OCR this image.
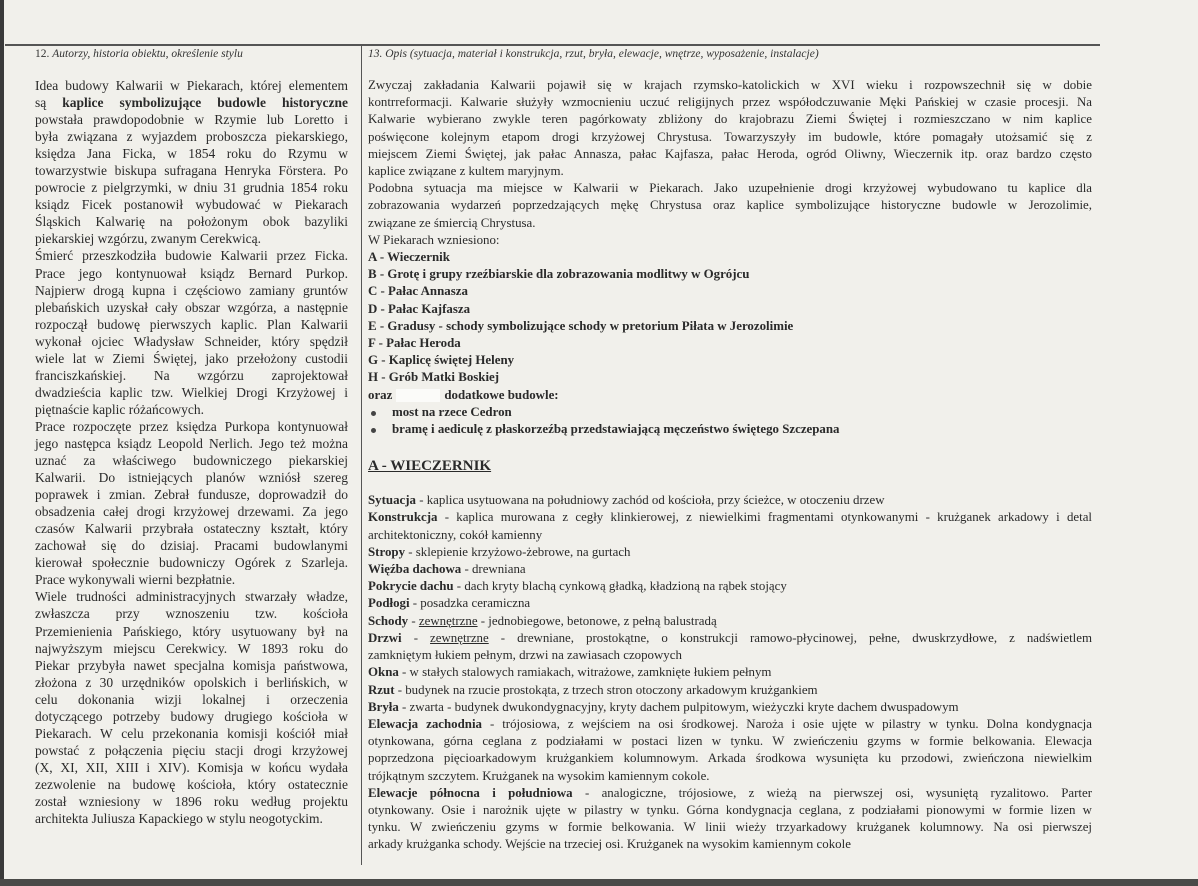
12. Autorzy, historia obiektu, określenie stylu	13. Opis (sytuacja, materiał i konstrukcja, rzut, bryła, elewacje, wnętrze, wyposażenie, instalacje)
Idea budowy Kalwarii w Piekarach, której elementem
są kaplice symbolizujące budowle historyczne
powstała prawdopodobnie w Rzymie lub Loretto i
była związana z wyjazdem proboszcza piekarskiego,
księdza Jana Ficka, w 1854 roku do Rzymu w
towarzystwie biskupa sufragana Henryka Förstera. Po
powrocie z pielgrzymki, w dniu 31 grudnia 1854 roku
ksiądz Ficek postanowił wybudować w Piekarach
Śląskich Kalwarię na położonym obok bazyliki
piekarskiej wzgórzu, zwanym Cerekwicą.
Śmierć przeszkodziła budowie Kalwarii przez Ficka.
Prace jego kontynuował ksiądz Bernard Purkop.
Najpierw drogą kupna i częściowo zamiany gruntów
plebańskich uzyskał cały obszar wzgórza, a następnie
rozpoczął budowę pierwszych kaplic. Plan Kalwarii
wykonał ojciec Władysław Schneider, który spędził
wiele lat w Ziemi Świętej, jako przełożony custodii
franciszkańskiej. Na wzgórzu zaprojektował
dwadzieścia kaplic tzw. Wielkiej Drogi Krzyżowej i
piętnaście kaplic różańcowych.
Prace rozpoczęte przez księdza Purkopa kontynuował
jego następca ksiądz Leopold Nerlich. Jego też można
uznać za właściwego budowniczego piekarskiej
Kalwarii. Do istniejących planów wzniósł szereg
poprawek i zmian. Zebrał fundusze, doprowadził do
obsadzenia całej drogi krzyżowej drzewami. Za jego
czasów Kalwarii przybrała ostateczny kształt, który
zachował się do dzisiaj. Pracami budowlanymi
kierował społecznie budowniczy Ogórek z Szarleja.
Prace wykonywali wierni bezpłatnie.
Wiele trudności administracyjnych stwarzały władze,
zwłaszcza przy wznoszeniu tzw. kościoła
Przemienienia Pańskiego, który usytuowany był na
najwyższym miejscu Cerekwicy. W 1893 roku do
Piekar przybyła nawet specjalna komisja państwowa,
złożona z 30 urzędników opolskich i berlińskich, w
celu dokonania wizji lokalnej i orzeczenia
dotyczącego potrzeby budowy drugiego kościoła w
Piekarach. W celu przekonania komisji kościół miał
powstać z połączenia pięciu stacji drogi krzyżowej
(X, XI, XII, XIII i XIV). Komisja w końcu wydała
zezwolenie na budowę kościoła, który ostatecznie
został wzniesiony w 1896 roku według projektu
architekta Juliusza Kapackiego w stylu neogotyckim.
Zwyczaj zakładania Kalwarii pojawił się w krajach rzymsko-katolickich w XVI wieku i rozpowszechnił się w dobie
kontrreformacji. Kalwarie służyły wzmocnieniu uczuć religijnych przez współodczuwanie Męki Pańskiej w czasie procesji. Na
Kalwarie wybierano zwykle teren pagórkowaty zbliżony do krajobrazu Ziemi Świętej i rozmieszczano w nim kaplice
poświęcone kolejnym etapom drogi krzyżowej Chrystusa. Towarzyszyły im budowle, które pomagały utożsamić się z
miejscem Ziemi Świętej, jak pałac Annasza, pałac Kajfasza, pałac Heroda, ogród Oliwny, Wieczernik itp. oraz bardzo często
kaplice związane z kultem maryjnym.
Podobna sytuacja ma miejsce w Kalwarii w Piekarach. Jako uzupełnienie drogi krzyżowej wybudowano tu kaplice dla
zobrazowania wydarzeń poprzedzających mękę Chrystusa oraz kaplice symbolizujące historyczne budowle w Jerozolimie,
związane ze śmiercią Chrystusa.
W Piekarach wzniesiono:
A - Wieczernik
B - Grotę i grupy rzeźbiarskie dla zobrazowania modlitwy w Ogrójcu
C - Pałac Annasza
D - Pałac Kajfasza
E - Gradusy - schody symbolizujące schody w pretorium Piłata w Jerozolimie
F - Pałac Heroda
G - Kaplicę świętej Heleny
H - Grób Matki Boskiej
oraz	dodatkowe budowle:
most na rzece Cedron
bramę i aediculę z płaskorzeźbą przedstawiającą męczeństwo świętego Szczepana
A - WIECZERNIK
Sytuacja - kaplica usytuowana na południowy zachód od kościoła, przy ścieżce, w otoczeniu drzew
Konstrukcja - kaplica murowana z cegły klinkierowej, z niewielkimi fragmentami otynkowanymi - krużganek arkadowy i detal
architektoniczny, cokół kamienny
Stropy - sklepienie krzyżowo-żebrowe, na gurtach
Więźba dachowa - drewniana
Pokrycie dachu - dach kryty blachą cynkową gładką, kładzioną na rąbek stojący
Podłogi - posadzka ceramiczna
Schody - zewnętrzne - jednobiegowe, betonowe, z pełną balustradą
Drzwi - zewnętrzne - drewniane, prostokątne, o konstrukcji ramowo-płycinowej, pełne, dwuskrzydłowe, z nadświetlem
zamkniętym łukiem pełnym, drzwi na zawiasach czopowych
Okna - w stałych stalowych ramiakach, witrażowe, zamknięte łukiem pełnym
Rzut - budynek na rzucie prostokąta, z trzech stron otoczony arkadowym krużgankiem
Bryła - zwarta - budynek dwukondygnacyjny, kryty dachem pulpitowym, wieżyczki kryte dachem dwuspadowym
Elewacja zachodnia - trójosiowa, z wejściem na osi środkowej. Naroża i osie ujęte w pilastry w tynku. Dolna kondygnacja
otynkowana, górna ceglana z podziałami w postaci lizen w tynku. W zwieńczeniu gzyms w formie belkowania. Elewacja
poprzedzona pięcioarkadowym krużgankiem kolumnowym. Arkada środkowa wysunięta ku przodowi, zwieńczona niewielkim
trójkątnym szczytem. Krużganek na wysokim kamiennym cokole.
Elewacje północna i południowa - analogiczne, trójosiowe, z wieżą na pierwszej osi, wysuniętą ryzalitowo. Parter
otynkowany. Osie i narożnik ujęte w pilastry w tynku. Górna kondygnacja ceglana, z podziałami pionowymi w formie lizen w
tynku. W zwieńczeniu gzyms w formie belkowania. W linii wieży trzyarkadowy krużganek kolumnowy. Na osi pierwszej
arkady krużganka schody. Wejście na trzeciej osi. Krużganek na wysokim kamiennym cokole
